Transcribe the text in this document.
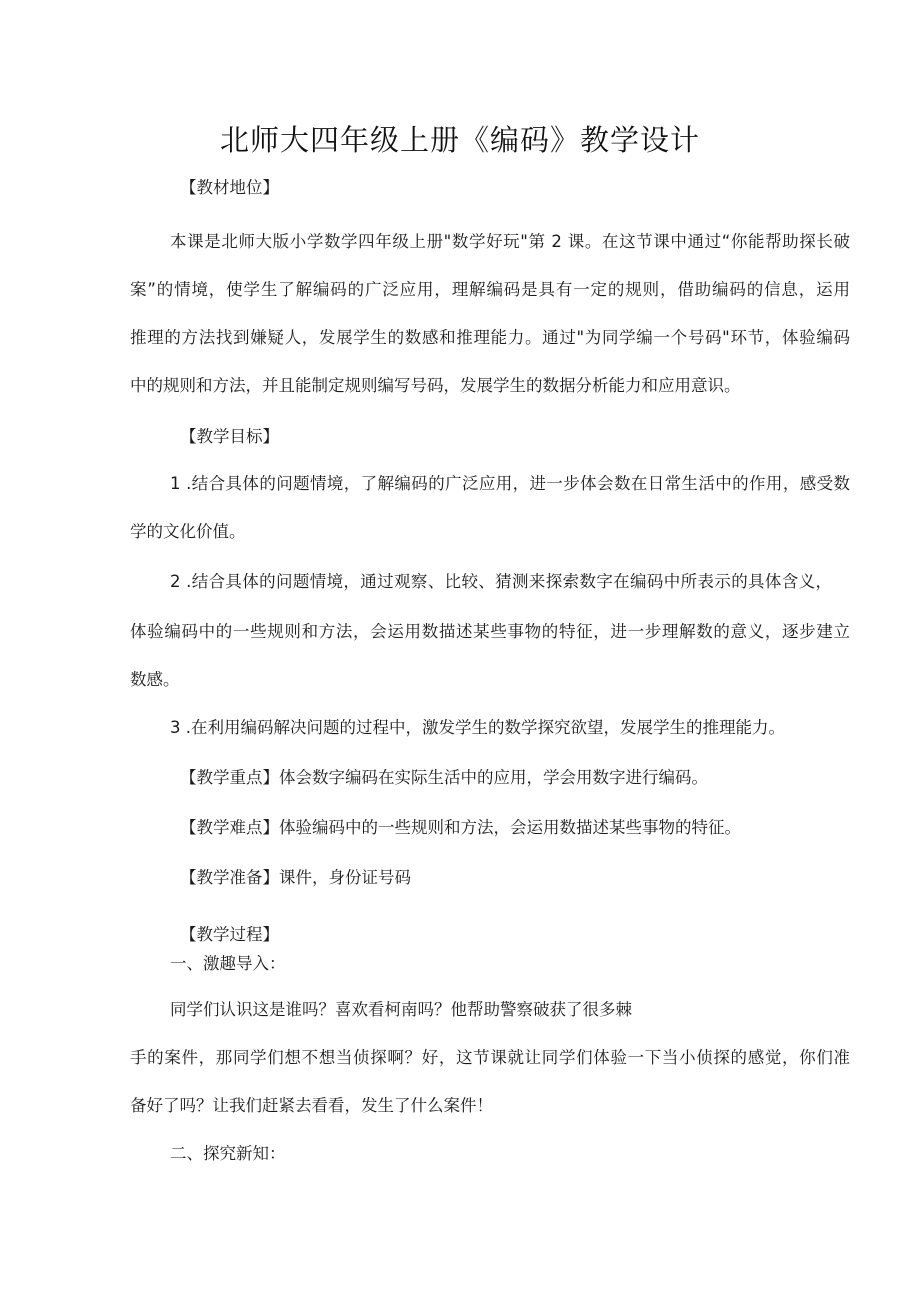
北师大四年级上册《编码》教学设计
【教材地位】
本课是北师大版小学数学四年级上册"数学好玩"第 2 课。在这节课中通过“你能帮助探长破
案”的情境，使学生了解编码的广泛应用，理解编码是具有一定的规则，借助编码的信息，运用
推理的方法找到嫌疑人，发展学生的数感和推理能力。通过"为同学编一个号码"环节，体验编码
中的规则和方法，并且能制定规则编写号码，发展学生的数据分析能力和应用意识。
【教学目标】
1 .结合具体的问题情境，了解编码的广泛应用，进一步体会数在日常生活中的作用，感受数
学的文化价值。
2 .结合具体的问题情境，通过观察、比较、猜测来探索数字在编码中所表示的具体含义，
体验编码中的一些规则和方法，会运用数描述某些事物的特征，进一步理解数的意义，逐步建立
数感。
3 .在利用编码解决问题的过程中，激发学生的数学探究欲望，发展学生的推理能力。
【教学重点】体会数字编码在实际生活中的应用，学会用数字进行编码。
【教学难点】体验编码中的一些规则和方法，会运用数描述某些事物的特征。
【教学准备】课件，身份证号码
【教学过程】
一、激趣导入：
同学们认识这是谁吗？喜欢看柯南吗？他帮助警察破获了很多棘
手的案件，那同学们想不想当侦探啊？好，这节课就让同学们体验一下当小侦探的感觉，你们准
备好了吗？让我们赶紧去看看，发生了什么案件！
二、探究新知：
